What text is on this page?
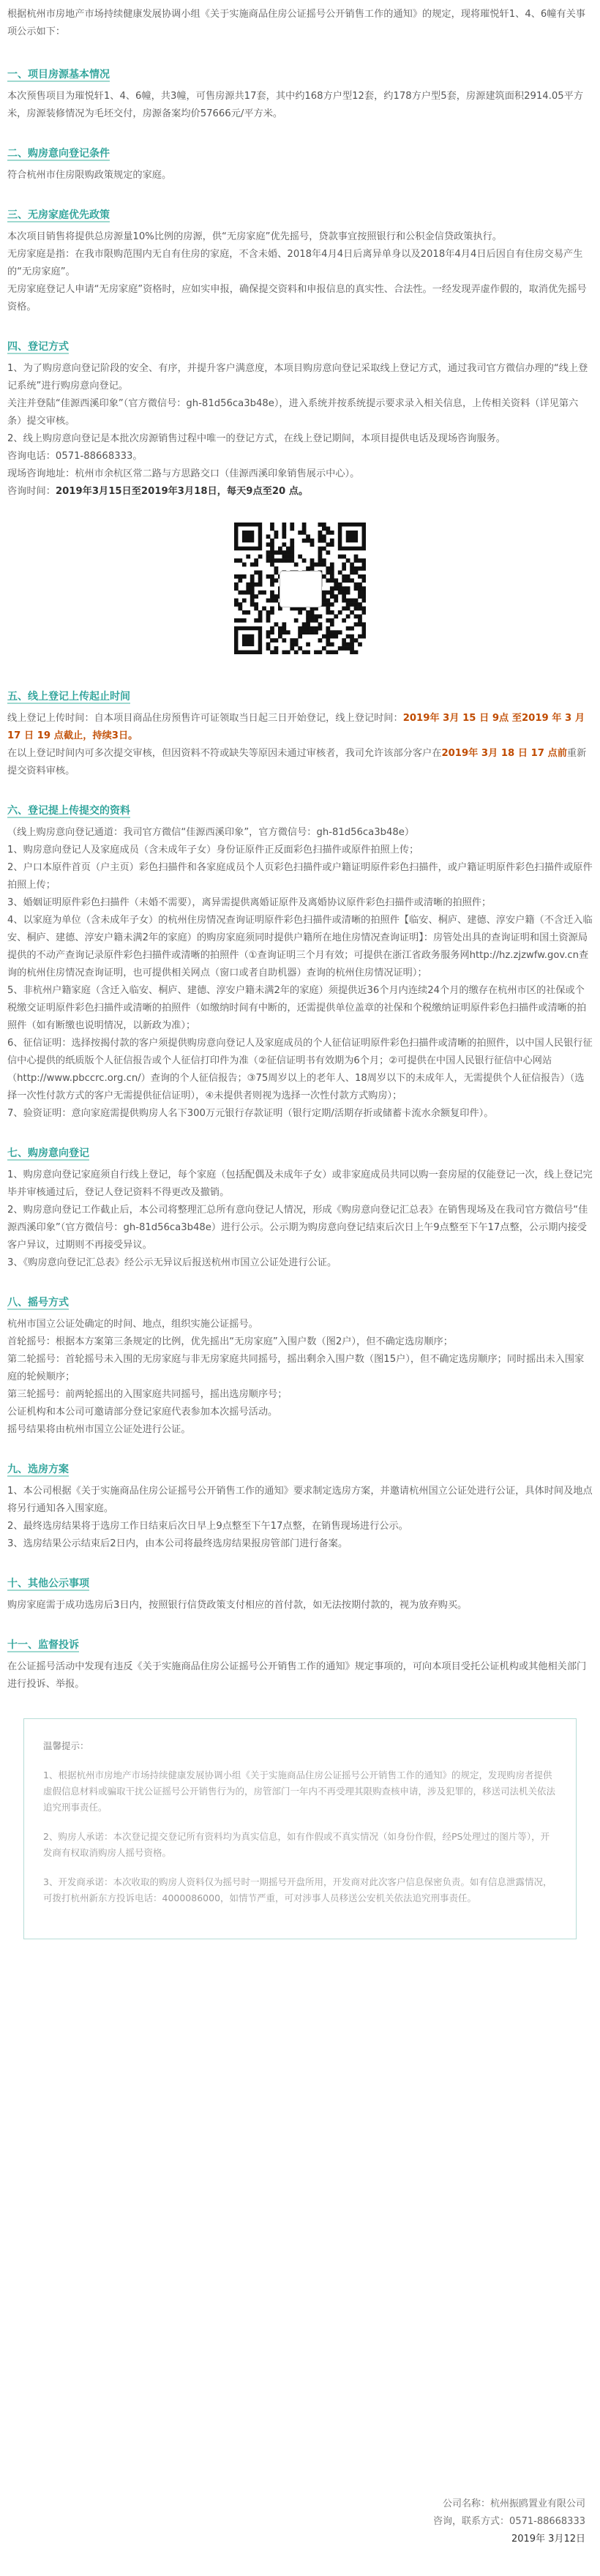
根据杭州市房地产市场持续健康发展协调小组《关于实施商品住房公证摇号公开销售工作的通知》的规定，现将璀悦轩1、4、6幢有关事项公示如下：

一、项目房源基本情况

本次预售项目为璀悦轩1、4、6幢，共3幢，可售房源共17套，其中约168方户型12套，约178方户型5套，房源建筑面积2914.05平方米，房源装修情况为毛坯交付，房源备案均价57666元/平方米。

二、购房意向登记条件

符合杭州市住房限购政策规定的家庭。

三、无房家庭优先政策

本次项目销售将提供总房源量10%比例的房源，供“无房家庭”优先摇号，贷款事宜按照银行和公积金信贷政策执行。

无房家庭是指：在我市限购范围内无自有住房的家庭，不含未婚、2018年4月4日后离异单身以及2018年4月4日后因自有住房交易产生的“无房家庭”。

无房家庭登记人申请“无房家庭”资格时，应如实申报，确保提交资料和申报信息的真实性、合法性。一经发现弄虚作假的，取消优先摇号资格。

四、登记方式

1、为了购房意向登记阶段的安全、有序，并提升客户满意度，本项目购房意向登记采取线上登记方式，通过我司官方微信办理的“线上登记系统”进行购房意向登记。

关注并登陆“佳源西溪印象”（官方微信号：gh-81d56ca3b48e），进入系统并按系统提示要求录入相关信息，上传相关资料（详见第六条）提交审核。

2、线上购房意向登记是本批次房源销售过程中唯一的登记方式，在线上登记期间，本项目提供电话及现场咨询服务。

咨询电话：0571-88668333。

现场咨询地址：杭州市余杭区常二路与方思路交口（佳源西溪印象销售展示中心）。

咨询时间：2019年3月15日至2019年3月18日，每天9点至20 点。

五、线上登记上传起止时间

线上登记上传时间：自本项目商品住房预售许可证领取当日起三日开始登记，线上登记时间：2019年 3月 15 日 9点 至2019 年 3 月 17 日 19 点截止，持续3日。

在以上登记时间内可多次提交审核，但因资料不符或缺失等原因未通过审核者，我司允许该部分客户在2019年 3月 18 日 17 点前重新提交资料审核。

六、登记提上传提交的资料

（线上购房意向登记通道：我司官方微信“佳源西溪印象”，官方微信号：gh-81d56ca3b48e）

1、购房意向登记人及家庭成员（含未成年子女）身份证原件正反面彩色扫描件或原件拍照上传；

2、户口本原件首页（户主页）彩色扫描件和各家庭成员个人页彩色扫描件或户籍证明原件彩色扫描件，或户籍证明原件彩色扫描件或原件拍照上传；

3、婚姻证明原件彩色扫描件（未婚不需要），离异需提供离婚证原件及离婚协议原件彩色扫描件或清晰的拍照件；

4、以家庭为单位（含未成年子女）的杭州住房情况查询证明原件彩色扫描件或清晰的拍照件【临安、桐庐、建德、淳安户籍（不含迁入临安、桐庐、建德、淳安户籍未满2年的家庭）的购房家庭须同时提供户籍所在地住房情况查询证明】：房管处出具的查询证明和国土资源局提供的不动产查询记录原件彩色扫描件或清晰的拍照件（①查询证明三个月有效；可提供在浙江省政务服务网http://hz.zjzwfw.gov.cn查询的杭州住房情况查询证明，也可提供相关网点（窗口或者自助机器）查询的杭州住房情况证明）；

5、非杭州户籍家庭（含迁入临安、桐庐、建德、淳安户籍未满2年的家庭）须提供近36个月内连续24个月的缴存在杭州市区的社保或个税缴交证明原件彩色扫描件或清晰的拍照件（如缴纳时间有中断的，还需提供单位盖章的社保和个税缴纳证明原件彩色扫描件或清晰的拍照件（如有断缴也说明情况，以新政为准）；

6、征信证明：选择按揭付款的客户须提供购房意向登记人及家庭成员的个人征信证明原件彩色扫描件或清晰的拍照件，以中国人民银行征信中心提供的纸质版个人征信报告或个人征信打印件为准（②征信证明书有效期为6个月；②可提供在中国人民银行征信中心网站（http://www.pbccrc.org.cn/）查询的个人征信报告；③75周岁以上的老年人、18周岁以下的未成年人，无需提供个人征信报告）（选择一次性付款方式的客户无需提供征信证明），④未提供者则视为选择一次性付款方式购房）；

7、验资证明：意向家庭需提供购房人名下300万元银行存款证明（银行定期/活期存折或储蓄卡流水余额复印件）。

七、购房意向登记

1、购房意向登记家庭须自行线上登记，每个家庭（包括配偶及未成年子女）或非家庭成员共同以购一套房屋的仅能登记一次，线上登记完毕并审核通过后，登记人登记资料不得更改及撤销。

2、购房意向登记工作截止后，本公司将整理汇总所有意向登记人情况，形成《购房意向登记汇总表》在销售现场及在我司官方微信号“佳源西溪印象”（官方微信号：gh-81d56ca3b48e）进行公示。公示期为购房意向登记结束后次日上午9点整至下午17点整，公示期内接受客户异议，过期则不再接受异议。

3、《购房意向登记汇总表》经公示无异议后报送杭州市国立公证处进行公证。

八、摇号方式

杭州市国立公证处确定的时间、地点，组织实施公证摇号。

首轮摇号：根据本方案第三条规定的比例，优先摇出“无房家庭”入围户数（图2户），但不确定选房顺序；

第二轮摇号：首轮摇号未入围的无房家庭与非无房家庭共同摇号，摇出剩余入围户数（图15户），但不确定选房顺序；同时摇出未入围家庭的轮候顺序；

第三轮摇号：前两轮摇出的入围家庭共同摇号，摇出选房顺序号；

公证机构和本公司可邀请部分登记家庭代表参加本次摇号活动。

摇号结果将由杭州市国立公证处进行公证。

九、选房方案

1、本公司根据《关于实施商品住房公证摇号公开销售工作的通知》要求制定选房方案，并邀请杭州国立公证处进行公证，具体时间及地点将另行通知各入围家庭。

2、最终选房结果将于选房工作日结束后次日早上9点整至下午17点整，在销售现场进行公示。

3、选房结果公示结束后2日内，由本公司将最终选房结果报房管部门进行备案。

十、其他公示事项

购房家庭需于成功选房后3日内，按照银行信贷政策支付相应的首付款，如无法按期付款的，视为放弃购买。

十一、监督投诉

在公证摇号活动中发现有违反《关于实施商品住房公证摇号公开销售工作的通知》规定事项的，可向本项目受托公证机构或其他相关部门进行投诉、举报。

温馨提示：

1、根据杭州市房地产市场持续健康发展协调小组《关于实施商品住房公证摇号公开销售工作的通知》的规定，发现购房者提供虚假信息材料或骗取干扰公证摇号公开销售行为的，房管部门一年内不再受理其限购查核申请，涉及犯罪的，移送司法机关依法追究刑事责任。

2、购房人承诺：本次登记提交登记所有资料均为真实信息，如有作假或不真实情况（如身份作假，经PS处理过的图片等），开发商有权取消购房人摇号资格。

3、开发商承诺：本次收取的购房人资料仅为摇号时一期摇号开盘所用，开发商对此次客户信息保密负责。如有信息泄露情况，可拨打杭州新东方投诉电话：4000086000，如情节严重，可对涉事人员移送公安机关依法追究刑事责任。

公司名称：杭州振鸥置业有限公司

咨询，联系方式：0571-88668333

2019年 3月12日
